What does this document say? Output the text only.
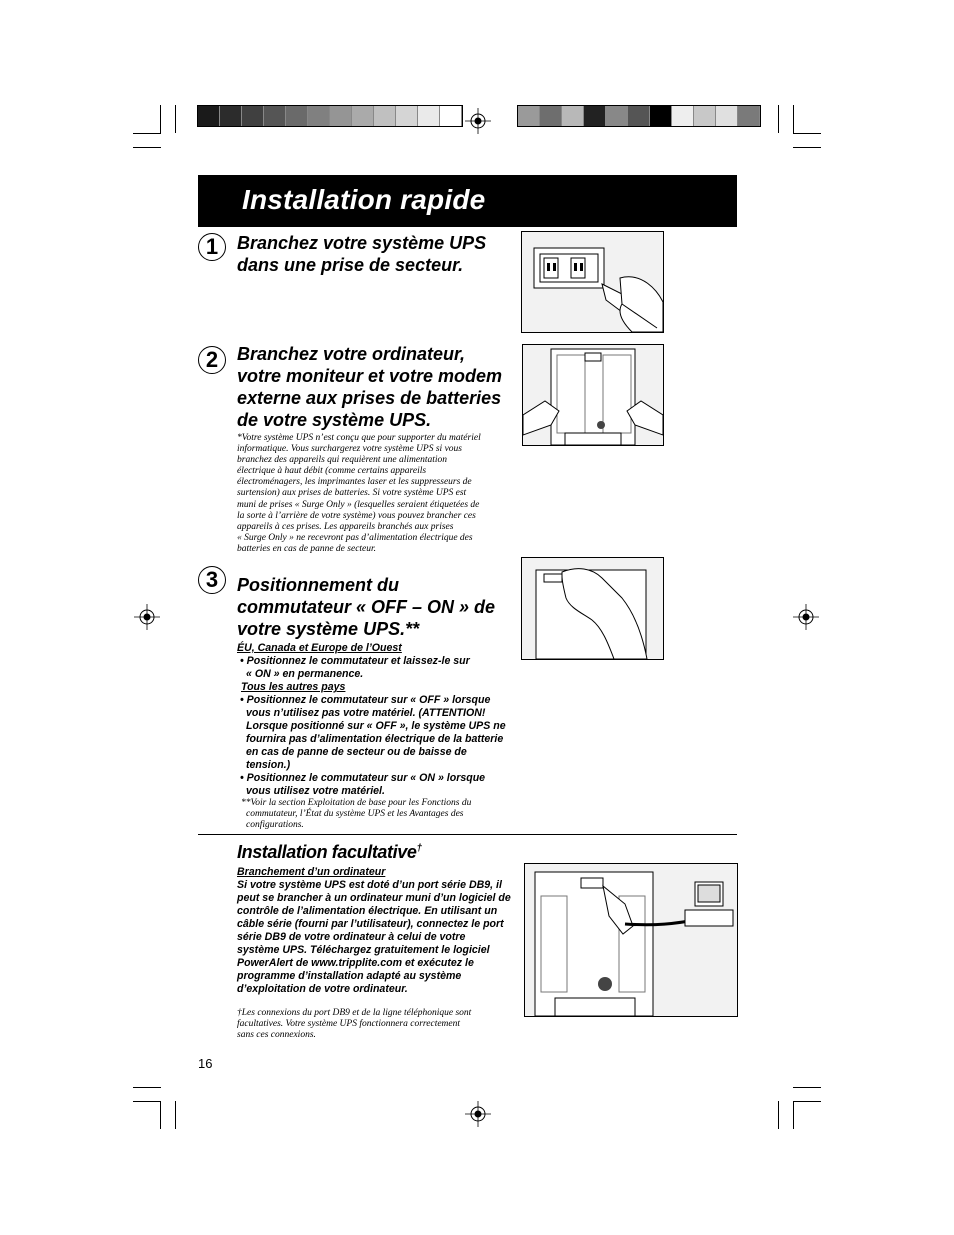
Installation rapide
1	Branchez votre système UPS
dans une prise de secteur.
2	Branchez votre ordinateur,
votre moniteur et votre modem
externe aux prises de batteries
de votre système UPS.
*Votre système UPS n’est conçu que pour supporter du matériel
informatique. Vous surchargerez votre système UPS si vous
branchez des appareils qui requièrent une alimentation
électrique à haut débit (comme certains appareils
électroménagers, les imprimantes laser et les suppresseurs de
surtension) aux prises de batteries. Si votre système UPS est
muni de prises « Surge Only » (lesquelles seraient étiquetées de
la sorte à l’arrière de votre système) vous pouvez brancher ces
appareils à ces prises. Les appareils branchés aux prises
« Surge Only » ne recevront pas d’alimentation électrique des
batteries en cas de panne de secteur.
3	Positionnement du
commutateur « OFF – ON » de
votre système UPS.**
ÉU, Canada et Europe de l’Ouest
• Positionnez le commutateur et laissez-le sur
« ON » en permanence.
Tous les autres pays
• Positionnez le commutateur sur « OFF » lorsque
vous n’utilisez pas votre matériel. (ATTENTION!
Lorsque positionné sur « OFF », le système UPS ne
fournira pas d’alimentation électrique de la batterie
en cas de panne de secteur ou de baisse de
tension.)
• Positionnez le commutateur sur « ON » lorsque
vous utilisez votre matériel.
**Voir la section Exploitation de base pour les Fonctions du
commutateur, l’État du système UPS et les Avantages des
configurations.
Installation facultative†
Branchement d’un ordinateur
Si votre système UPS est doté d’un port série DB9, il
peut se brancher à un ordinateur muni d’un logiciel de
contrôle de l’alimentation électrique. En utilisant un
câble série (fourni par l’utilisateur), connectez le port
série DB9 de votre ordinateur à celui de votre
système UPS. Téléchargez gratuitement le logiciel
PowerAlert de www.tripplite.com et exécutez le
programme d’installation adapté au système
d’exploitation de votre ordinateur.
†Les connexions du port DB9 et de la ligne téléphonique sont
facultatives. Votre système UPS fonctionnera correctement
sans ces connexions.
16
